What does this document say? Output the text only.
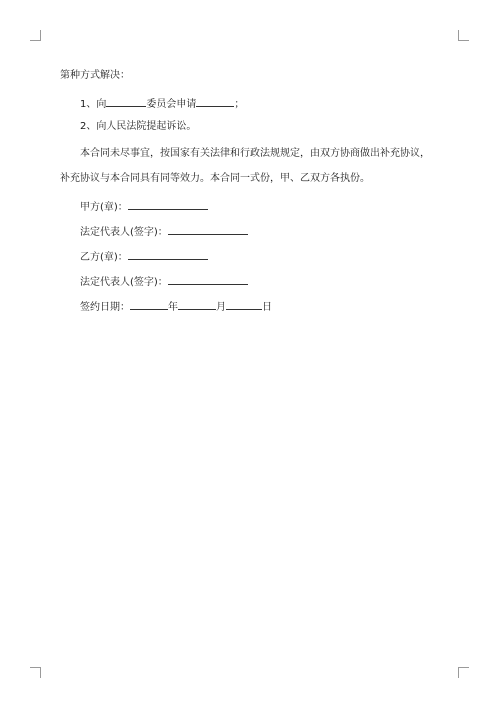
第种方式解决：
1、向	委员会申请	；
2、向人民法院提起诉讼。
本合同未尽事宜，按国家有关法律和行政法规规定，由双方协商做出补充协议，
补充协议与本合同具有同等效力。本合同一式份，甲、乙双方各执份。
甲方(章)：
法定代表人(签字)：
乙方(章)：
法定代表人(签字)：
签约日期：	年	月	日
